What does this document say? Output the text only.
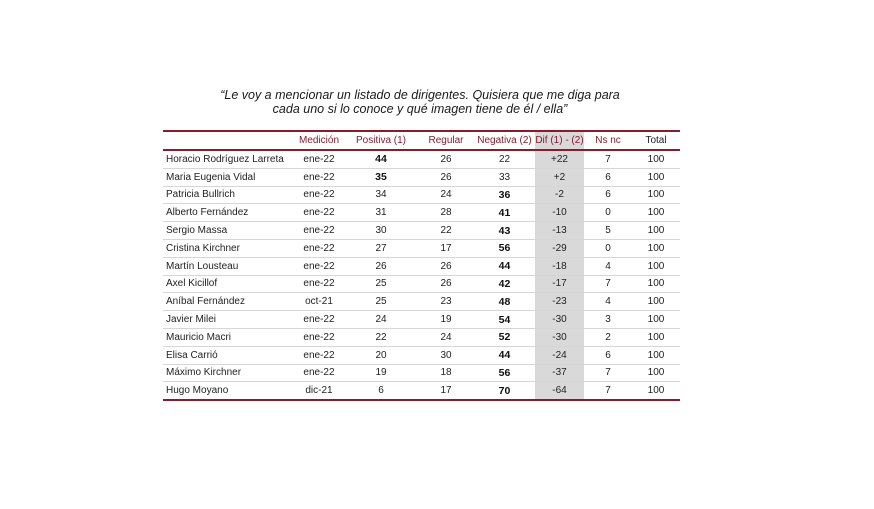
“Le voy a mencionar un listado de dirigentes. Quisiera que me diga para
cada uno si lo conoce y qué imagen tiene de él / ella”
	Medición	Positiva (1)	Regular	Negativa (2)	Dif (1) - (2)	Ns nc	Total
Horacio Rodríguez Larreta	ene-22	44	26	22	+22	7	100
Maria Eugenia Vidal	ene-22	35	26	33	+2	6	100
Patricia Bullrich	ene-22	34	24	36	-2	6	100
Alberto Fernández	ene-22	31	28	41	-10	0	100
Sergio Massa	ene-22	30	22	43	-13	5	100
Cristina Kirchner	ene-22	27	17	56	-29	0	100
Martín Lousteau	ene-22	26	26	44	-18	4	100
Axel Kicillof	ene-22	25	26	42	-17	7	100
Aníbal Fernández	oct-21	25	23	48	-23	4	100
Javier Milei	ene-22	24	19	54	-30	3	100
Mauricio Macri	ene-22	22	24	52	-30	2	100
Elisa Carrió	ene-22	20	30	44	-24	6	100
Máximo Kirchner	ene-22	19	18	56	-37	7	100
Hugo Moyano	dic-21	6	17	70	-64	7	100
